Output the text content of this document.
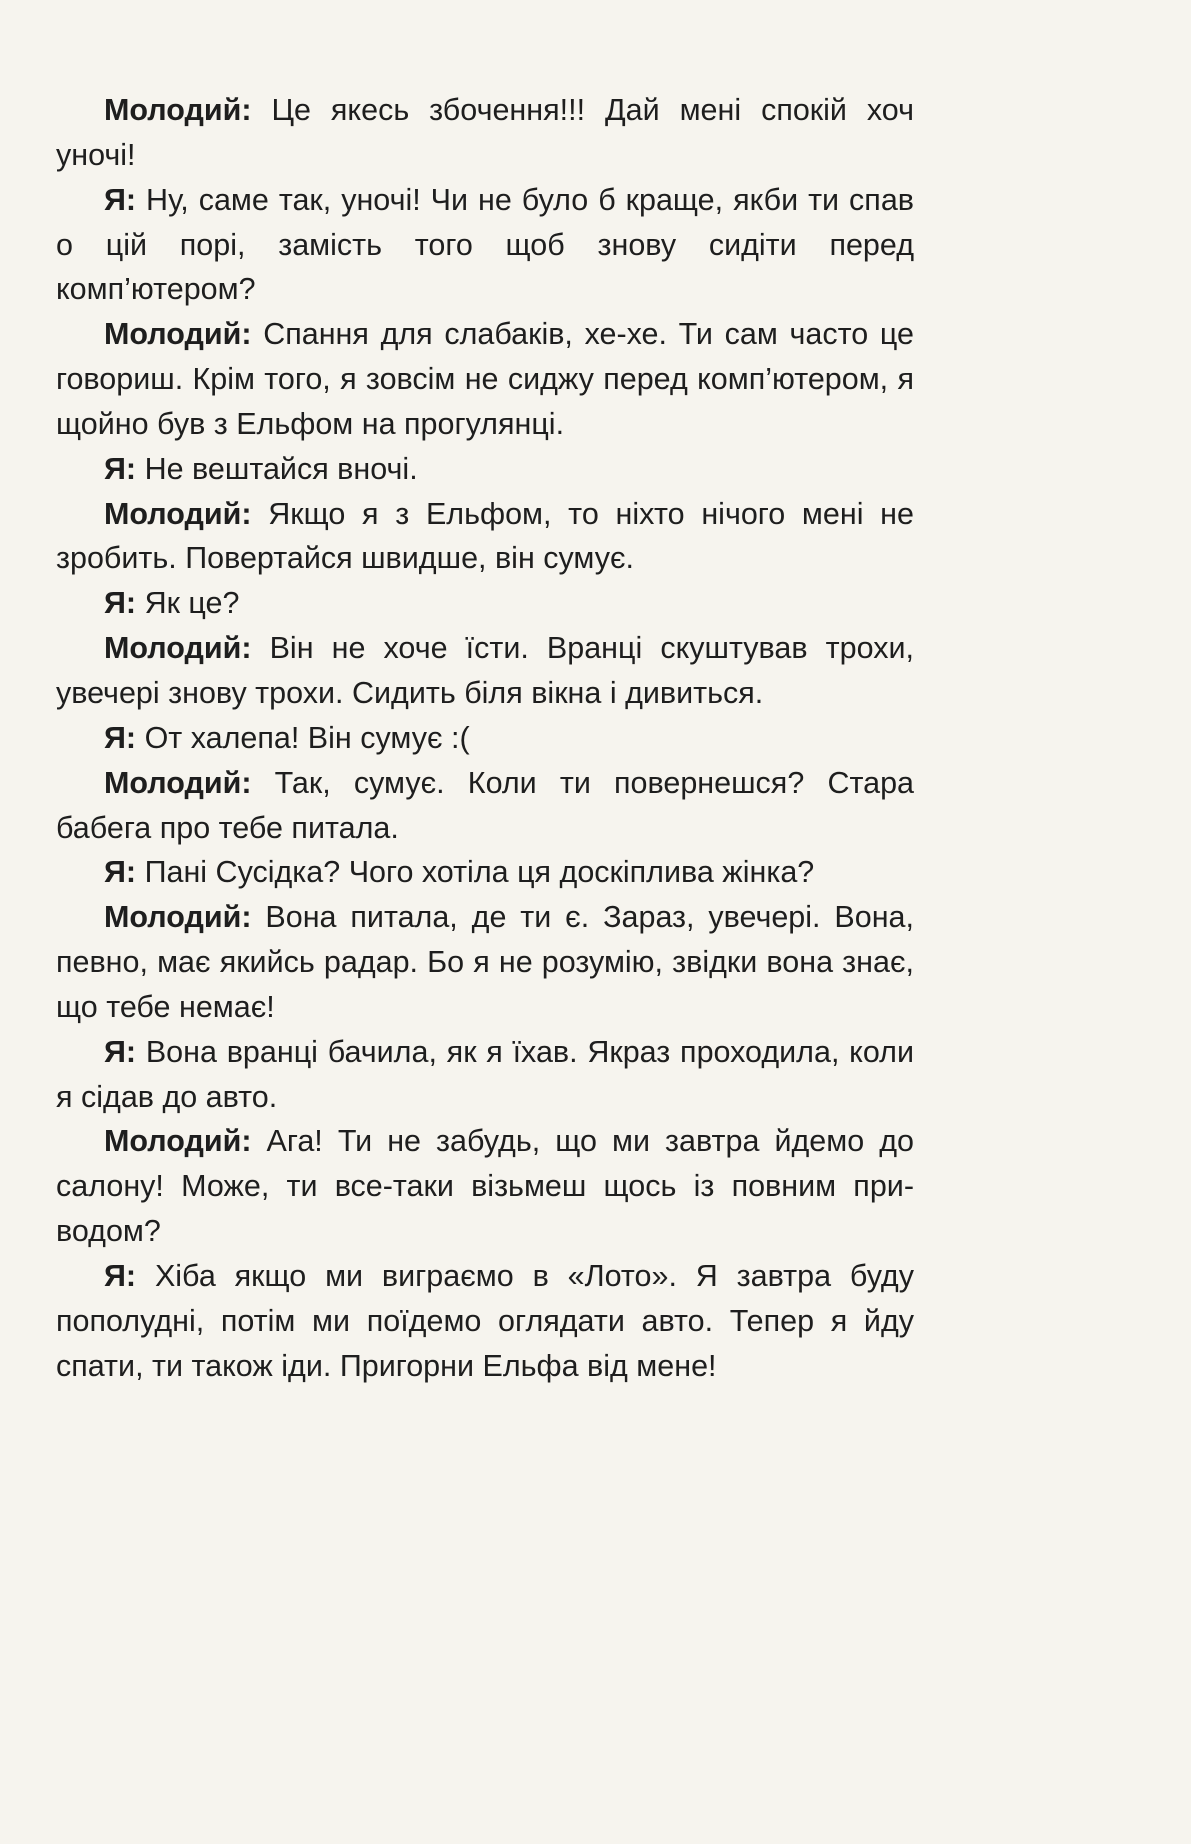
Молодий: Це якесь збочення!!! Дай мені спокій хоч уночі!

Я: Ну, саме так, уночі! Чи не було б краще, якби ти спав о цій порі, замість того щоб знову сидіти перед комп’ютером?

Молодий: Спання для слабаків, хе-хе. Ти сам часто це говориш. Крім того, я зовсім не сиджу перед комп’ютером, я щойно був з Ельфом на прогулянці.

Я: Не вештайся вночі.

Молодий: Якщо я з Ельфом, то ніхто нічого мені не зробить. Повертайся швидше, він сумує.

Я: Як це?

Молодий: Він не хоче їсти. Вранці скуштував трохи, увечері знову трохи. Сидить біля вікна і дивиться.

Я: От халепа! Він сумує :(

Молодий: Так, сумує. Коли ти повернешся? Стара бабега про тебе питала.

Я: Пані Сусідка? Чого хотіла ця доскіплива жінка?

Молодий: Вона питала, де ти є. Зараз, увечері. Вона, певно, має якийсь радар. Бо я не розумію, звідки вона знає, що тебе немає!

Я: Вона вранці бачила, як я їхав. Якраз проходила, коли я сідав до авто.

Молодий: Ага! Ти не забудь, що ми завтра йдемо до салону! Може, ти все-таки візьмеш щось із повним приводом?

Я: Хіба якщо ми виграємо в «Лото». Я завтра буду пополудні, потім ми поїдемо оглядати авто. Тепер я йду спати, ти також іди. Пригорни Ельфа від мене!
